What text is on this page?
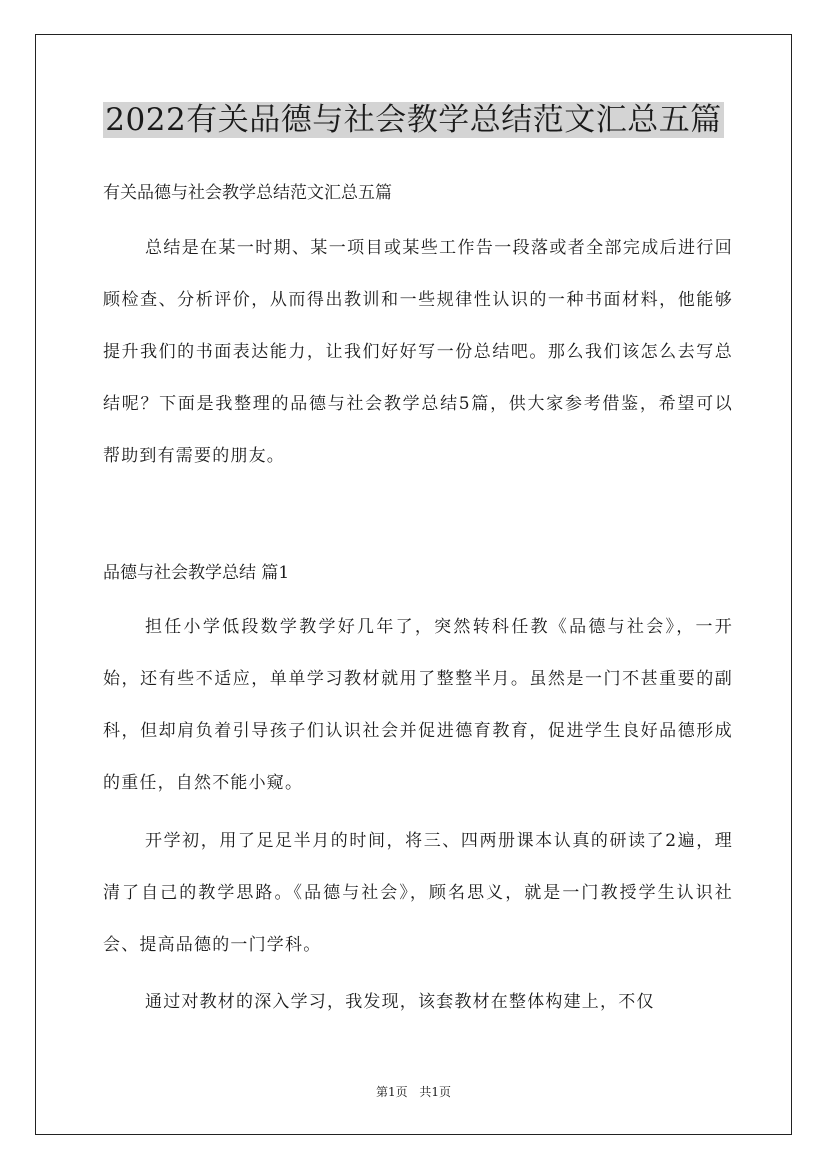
2022有关品德与社会教学总结范文汇总五篇
有关品德与社会教学总结范文汇总五篇

总结是在某一时期、某一项目或某些工作告一段落或者全部完成后进行回顾检查、分析评价，从而得出教训和一些规律性认识的一种书面材料，他能够提升我们的书面表达能力，让我们好好写一份总结吧。那么我们该怎么去写总结呢？下面是我整理的品德与社会教学总结5篇，供大家参考借鉴，希望可以帮助到有需要的朋友。

品德与社会教学总结 篇1

担任小学低段数学教学好几年了，突然转科任教《品德与社会》，一开始，还有些不适应，单单学习教材就用了整整半月。虽然是一门不甚重要的副科，但却肩负着引导孩子们认识社会并促进德育教育，促进学生良好品德形成的重任，自然不能小窥。

开学初，用了足足半月的时间，将三、四两册课本认真的研读了2遍，理清了自己的教学思路。《品德与社会》，顾名思义，就是一门教授学生认识社会、提高品德的一门学科。

通过对教材的深入学习，我发现，该套教材在整体构建上，不仅

第1页 共1页
